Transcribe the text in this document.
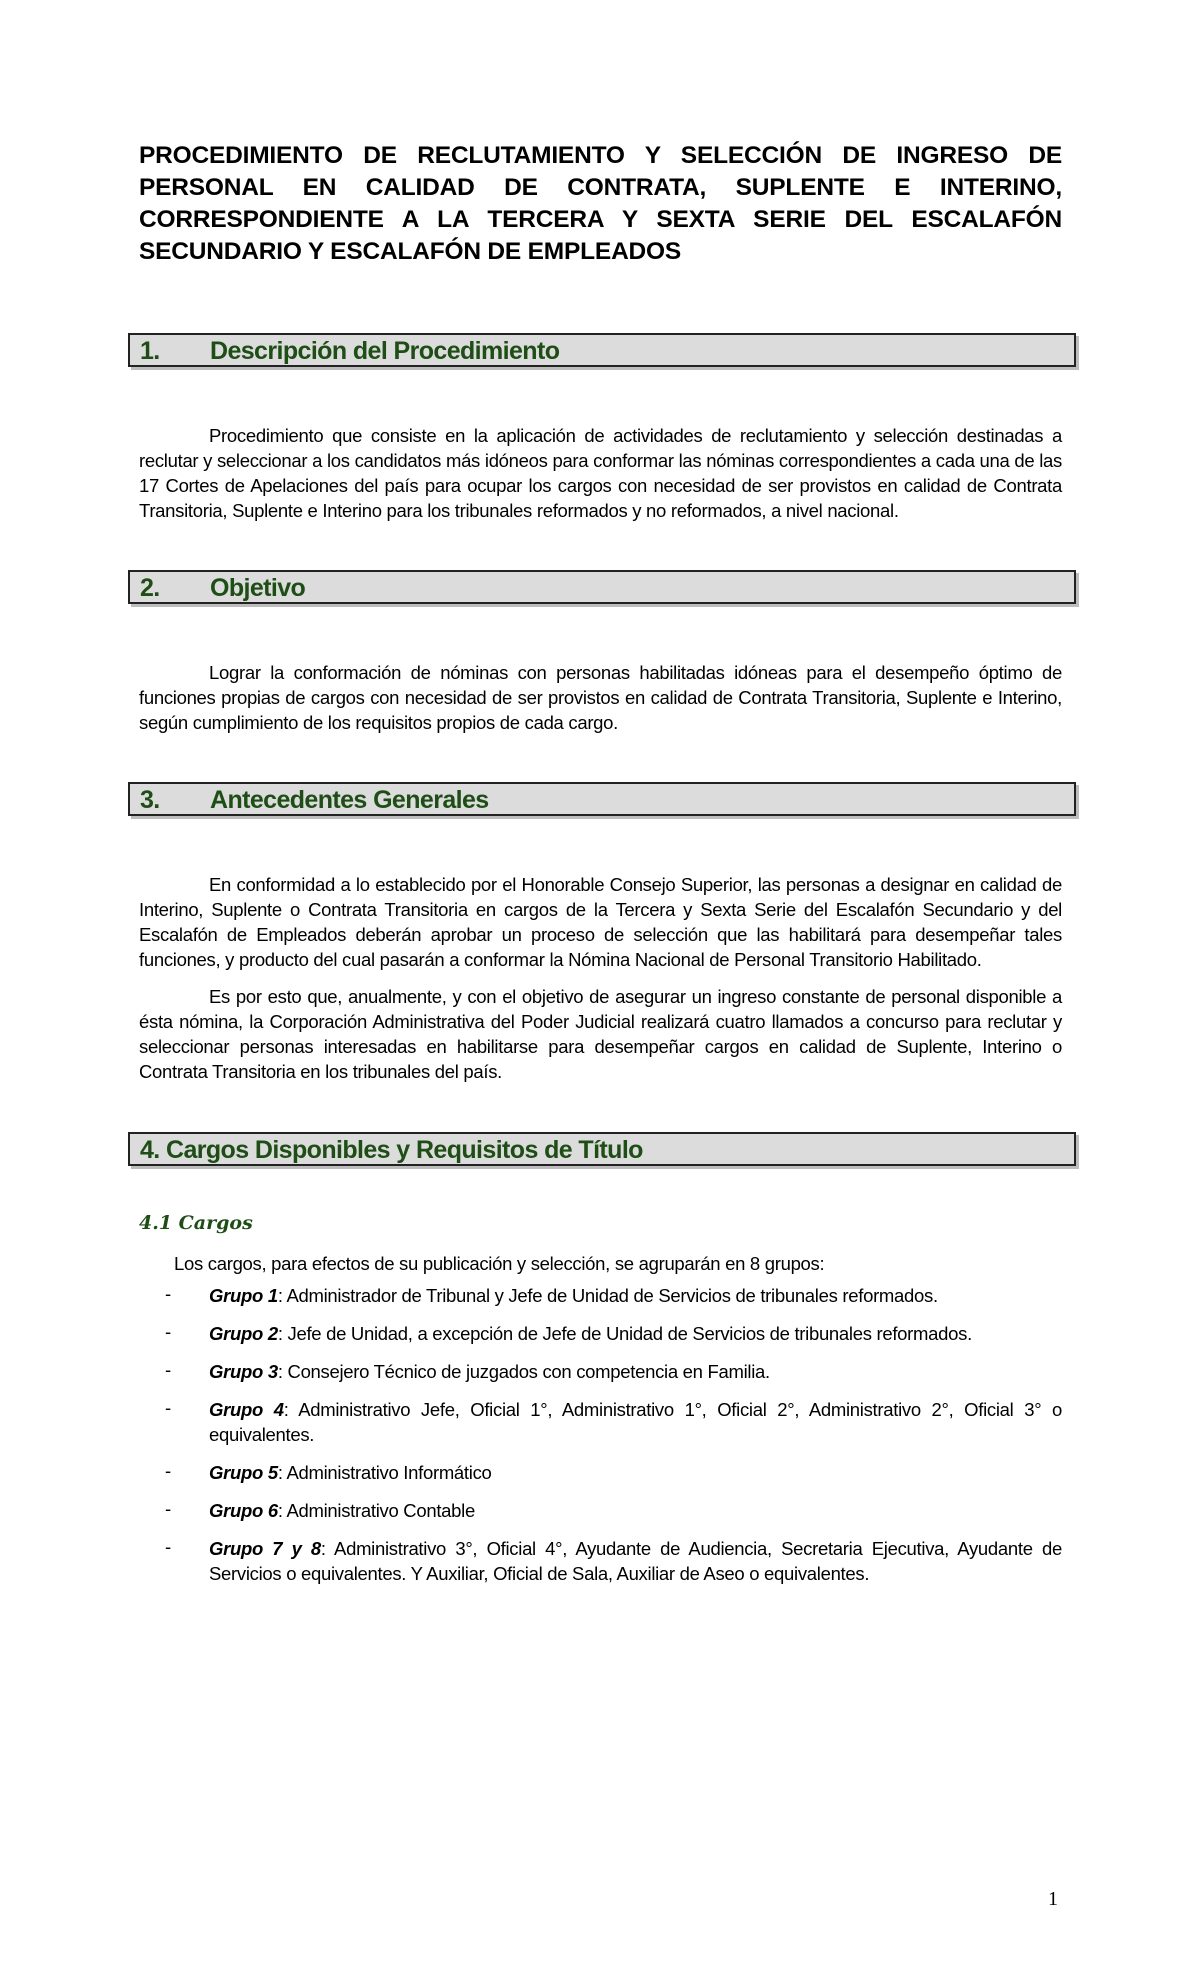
PROCEDIMIENTO DE RECLUTAMIENTO Y SELECCIÓN DE INGRESO DE PERSONAL EN CALIDAD DE CONTRATA, SUPLENTE E INTERINO, CORRESPONDIENTE A LA TERCERA Y SEXTA SERIE DEL ESCALAFÓN SECUNDARIO Y ESCALAFÓN DE EMPLEADOS
1. Descripción del Procedimiento

Procedimiento que consiste en la aplicación de actividades de reclutamiento y selección destinadas a reclutar y seleccionar a los candidatos más idóneos para conformar las nóminas correspondientes a cada una de las 17 Cortes de Apelaciones del país para ocupar los cargos con necesidad de ser provistos en calidad de Contrata Transitoria, Suplente e Interino para los tribunales reformados y no reformados, a nivel nacional.

2. Objetivo

Lograr la conformación de nóminas con personas habilitadas idóneas para el desempeño óptimo de funciones propias de cargos con necesidad de ser provistos en calidad de Contrata Transitoria, Suplente e Interino, según cumplimiento de los requisitos propios de cada cargo.

3. Antecedentes Generales

En conformidad a lo establecido por el Honorable Consejo Superior, las personas a designar en calidad de Interino, Suplente o Contrata Transitoria en cargos de la Tercera y Sexta Serie del Escalafón Secundario y del Escalafón de Empleados deberán aprobar un proceso de selección que las habilitará para desempeñar tales funciones, y producto del cual pasarán a conformar la Nómina Nacional de Personal Transitorio Habilitado.

Es por esto que, anualmente, y con el objetivo de asegurar un ingreso constante de personal disponible a ésta nómina, la Corporación Administrativa del Poder Judicial realizará cuatro llamados a concurso para reclutar y seleccionar personas interesadas en habilitarse para desempeñar cargos en calidad de Suplente, Interino o Contrata Transitoria en los tribunales del país.

4. Cargos Disponibles y Requisitos de Título
4.1 Cargos
Los cargos, para efectos de su publicación y selección, se agruparán en 8 grupos:
- Grupo 1: Administrador de Tribunal y Jefe de Unidad de Servicios de tribunales reformados.
- Grupo 2: Jefe de Unidad, a excepción de Jefe de Unidad de Servicios de tribunales reformados.
- Grupo 3: Consejero Técnico de juzgados con competencia en Familia.
- Grupo 4: Administrativo Jefe, Oficial 1°, Administrativo 1°, Oficial 2°, Administrativo 2°, Oficial 3° o equivalentes.
- Grupo 5: Administrativo Informático
- Grupo 6: Administrativo Contable
- Grupo 7 y 8: Administrativo 3°, Oficial 4°, Ayudante de Audiencia, Secretaria Ejecutiva, Ayudante de Servicios o equivalentes. Y Auxiliar, Oficial de Sala, Auxiliar de Aseo o equivalentes.
1
